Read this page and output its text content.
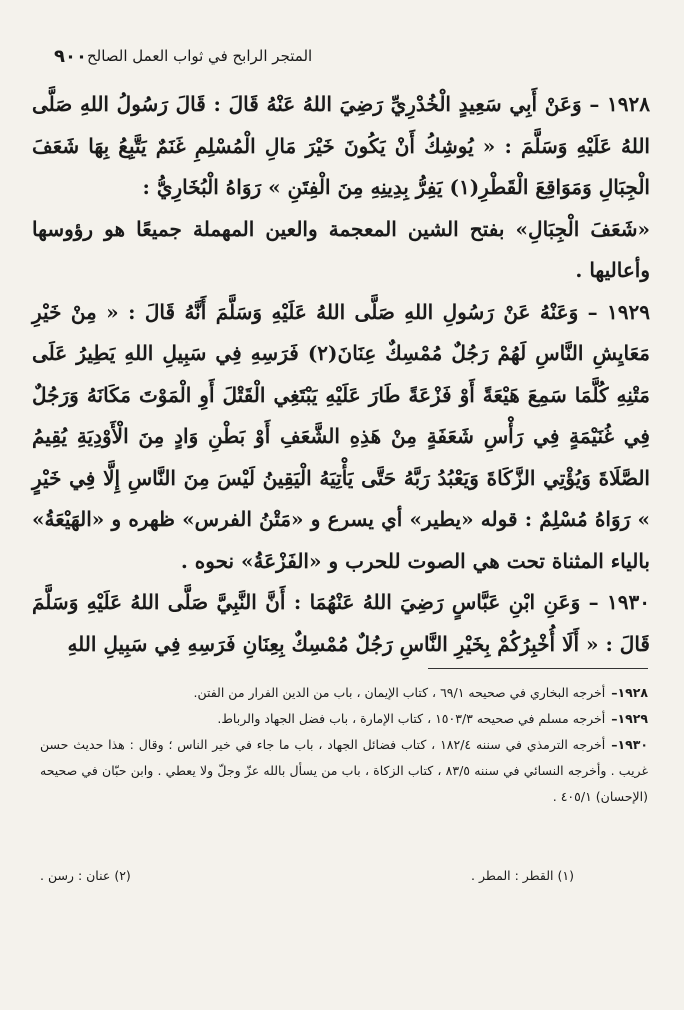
٩٠٠ المتجر الرابح في ثواب العمل الصالح

١٩٢٨ – وَعَنْ أَبِي سَعِيدٍ الْخُدْرِيِّ رَضِيَ اللهُ عَنْهُ قَالَ : قَالَ رَسُولُ اللهِ صَلَّى اللهُ عَلَيْهِ وَسَلَّمَ : « يُوشِكُ أَنْ يَكُونَ خَيْرَ مَالِ الْمُسْلِمِ غَنَمٌ يَتَّبِعُ بِهَا شَعَفَ الْجِبَالِ وَمَوَاقِعَ الْقَطْرِ(١) يَفِرُّ بِدِينِهِ مِنَ الْفِتَنِ » رَوَاهُ الْبُخَارِيُّ :

«شَعَفَ الْجِبَالِ» بفتح الشين المعجمة والعين المهملة جميعًا هو رؤوسها وأعاليها .

١٩٢٩ – وَعَنْهُ عَنْ رَسُولِ اللهِ صَلَّى اللهُ عَلَيْهِ وَسَلَّمَ أَنَّهُ قَالَ : « مِنْ خَيْرِ مَعَايِشِ النَّاسِ لَهُمْ رَجُلٌ مُمْسِكٌ عِنَانَ(٢) فَرَسِهِ فِي سَبِيلِ اللهِ يَطِيرُ عَلَى مَتْنِهِ كُلَّمَا سَمِعَ هَيْعَةً أَوْ فَزْعَةً طَارَ عَلَيْهِ يَبْتَغِي الْقَتْلَ أَوِ الْمَوْتَ مَكَانَهُ وَرَجُلٌ فِي غُنَيْمَةٍ فِي رَأْسِ شَعَفَةٍ مِنْ هَذِهِ الشَّعَفِ أَوْ بَطْنِ وَادٍ مِنَ الْأَوْدِيَةِ يُقِيمُ الصَّلَاةَ وَيُؤْتِي الزَّكَاةَ وَيَعْبُدُ رَبَّهُ حَتَّى يَأْتِيَهُ الْيَقِينُ لَيْسَ مِنَ النَّاسِ إِلَّا فِي خَيْرٍ » رَوَاهُ مُسْلِمٌ : قوله «يطير» أي يسرع و «مَتْنُ الفرس» ظهره و «الهَيْعَةُ» بالياء المثناة تحت هي الصوت للحرب و «الفَزْعَةُ» نحوه .

١٩٣٠ – وَعَنِ ابْنِ عَبَّاسٍ رَضِيَ اللهُ عَنْهُمَا : أَنَّ النَّبِيَّ صَلَّى اللهُ عَلَيْهِ وَسَلَّمَ قَالَ : « أَلَا أُخْبِرُكُمْ بِخَيْرِ النَّاسِ رَجُلٌ مُمْسِكٌ بِعِنَانِ فَرَسِهِ فِي سَبِيلِ اللهِ

١٩٢٨–أخرجه البخاري في صحيحه ٦٩/١ ، كتاب الإيمان ، باب من الدين الفرار من الفتن.
١٩٢٩–أخرجه مسلم في صحيحه ١٥٠٣/٣ ، كتاب الإمارة ، باب فضل الجهاد والرباط.
١٩٣٠–أخرجه الترمذي في سننه ١٨٢/٤ ، كتاب فضائل الجهاد ، باب ما جاء في خير الناس ؛ وقال : هذا حديث حسن غريب . وأخرجه النسائي في سننه ٨٣/٥ ، كتاب الزكاة ، باب من يسأل بالله عزّ وجلّ ولا يعطي . وابن حبّان في صحيحه (الإحسان) ٤٠٥/١ .
(١) القطر : المطر .
(٢) عنان : رسن .
